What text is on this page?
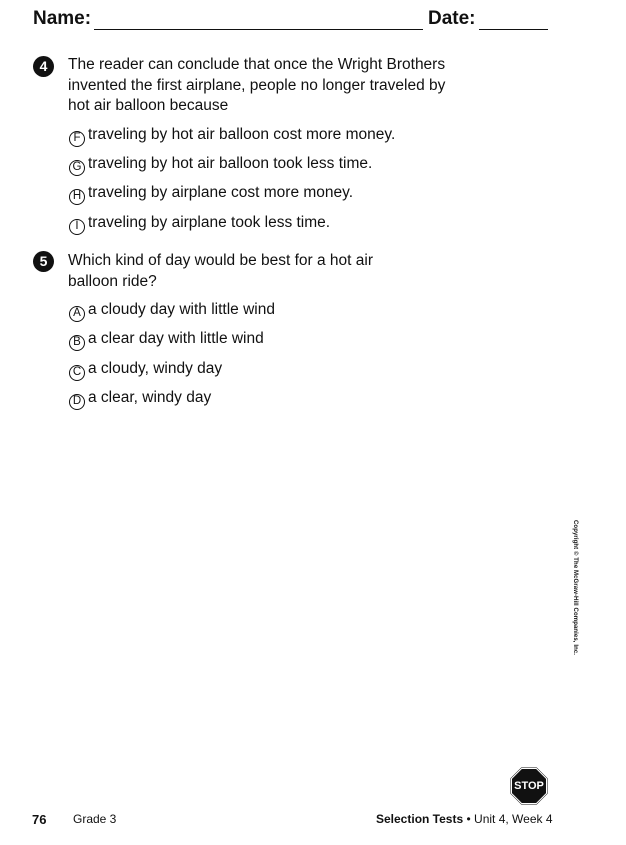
Name:	Date:
4	The reader can conclude that once the Wright Brothers invented the first airplane, people no longer traveled by hot air balloon because
F traveling by hot air balloon cost more money.
G traveling by hot air balloon took less time.
H traveling by airplane cost more money.
I traveling by airplane took less time.
5	Which kind of day would be best for a hot air balloon ride?
A a cloudy day with little wind
B a clear day with little wind
C a cloudy, windy day
D a clear, windy day
Copyright © The McGraw-Hill Companies, Inc.
STOP
76 Grade 3	Selection Tests • Unit 4, Week 4
